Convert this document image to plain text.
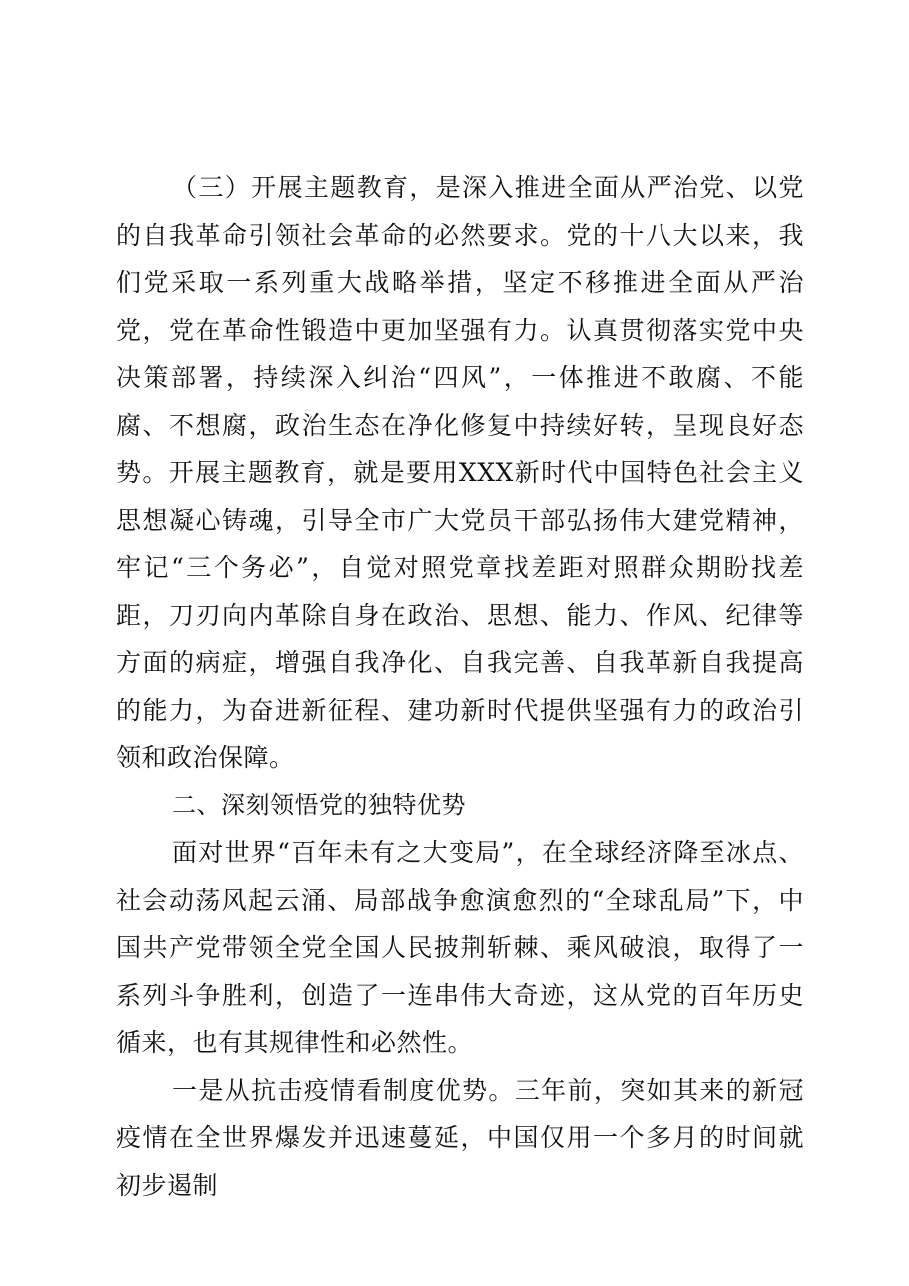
（三）开展主题教育，是深入推进全面从严治党、以党的自我革命引领社会革命的必然要求。党的十八大以来，我们党采取一系列重大战略举措，坚定不移推进全面从严治党，党在革命性锻造中更加坚强有力。认真贯彻落实党中央决策部署，持续深入纠治“四风”，一体推进不敢腐、不能腐、不想腐，政治生态在净化修复中持续好转，呈现良好态势。开展主题教育，就是要用XXX新时代中国特色社会主义思想凝心铸魂，引导全市广大党员干部弘扬伟大建党精神，牢记“三个务必”，自觉对照党章找差距对照群众期盼找差距，刀刃向内革除自身在政治、思想、能力、作风、纪律等方面的病症，增强自我净化、自我完善、自我革新自我提高的能力，为奋进新征程、建功新时代提供坚强有力的政治引领和政治保障。

二、深刻领悟党的独特优势

面对世界“百年未有之大变局”，在全球经济降至冰点、社会动荡风起云涌、局部战争愈演愈烈的“全球乱局”下，中国共产党带领全党全国人民披荆斩棘、乘风破浪，取得了一系列斗争胜利，创造了一连串伟大奇迹，这从党的百年历史循来，也有其规律性和必然性。

一是从抗击疫情看制度优势。三年前，突如其来的新冠疫情在全世界爆发并迅速蔓延，中国仅用一个多月的时间就初步遏制
